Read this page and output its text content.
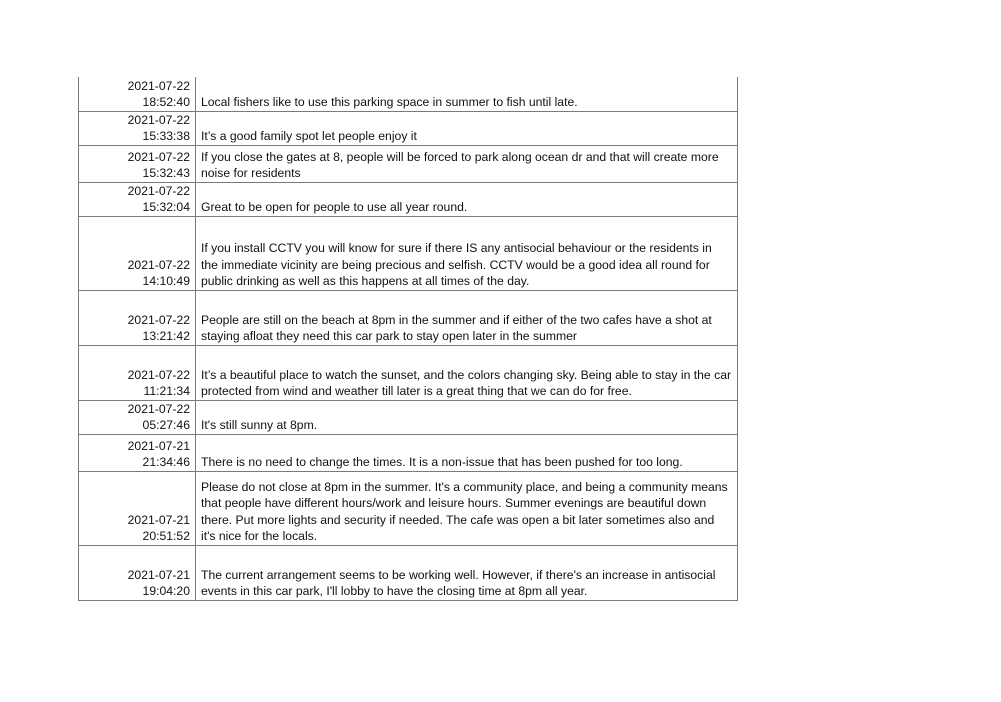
2021-07-22
18:52:40	Local fishers like to use this parking space in summer to fish until late.

2021-07-22
15:33:38	It’s a good family spot let people enjoy it

2021-07-22
15:32:43	If you close the gates at 8, people will be forced to park along ocean dr and that will create more noise for residents

2021-07-22
15:32:04	Great to be open for people to use all year round.

2021-07-22
14:10:49	If you install CCTV you will know for sure if there IS any antisocial behaviour or the residents in the immediate vicinity are being precious and selfish. CCTV would be a good idea all round for public drinking as well as this happens at all times of the day.

2021-07-22
13:21:42	People are still on the beach at 8pm in the summer and if either of the two cafes have a shot at staying afloat they need this car park to stay open later in the summer

2021-07-22
11:21:34	It’s a beautiful place to watch the sunset, and the colors changing sky. Being able to stay in the car protected from wind and weather till later is a great thing that we can do for free.

2021-07-22
05:27:46	It's still sunny at 8pm.

2021-07-21
21:34:46	There is no need to change the times. It is a non-issue that has been pushed for too long.

2021-07-21
20:51:52	Please do not close at 8pm in the summer. It's a community place, and being a community means that people have different hours/work and leisure hours. Summer evenings are beautiful down there. Put more lights and security if needed. The cafe was open a bit later sometimes also and it's nice for the locals.

2021-07-21
19:04:20	The current arrangement seems to be working well. However, if there's an increase in antisocial events in this car park, I'll lobby to have the closing time at 8pm all year.
